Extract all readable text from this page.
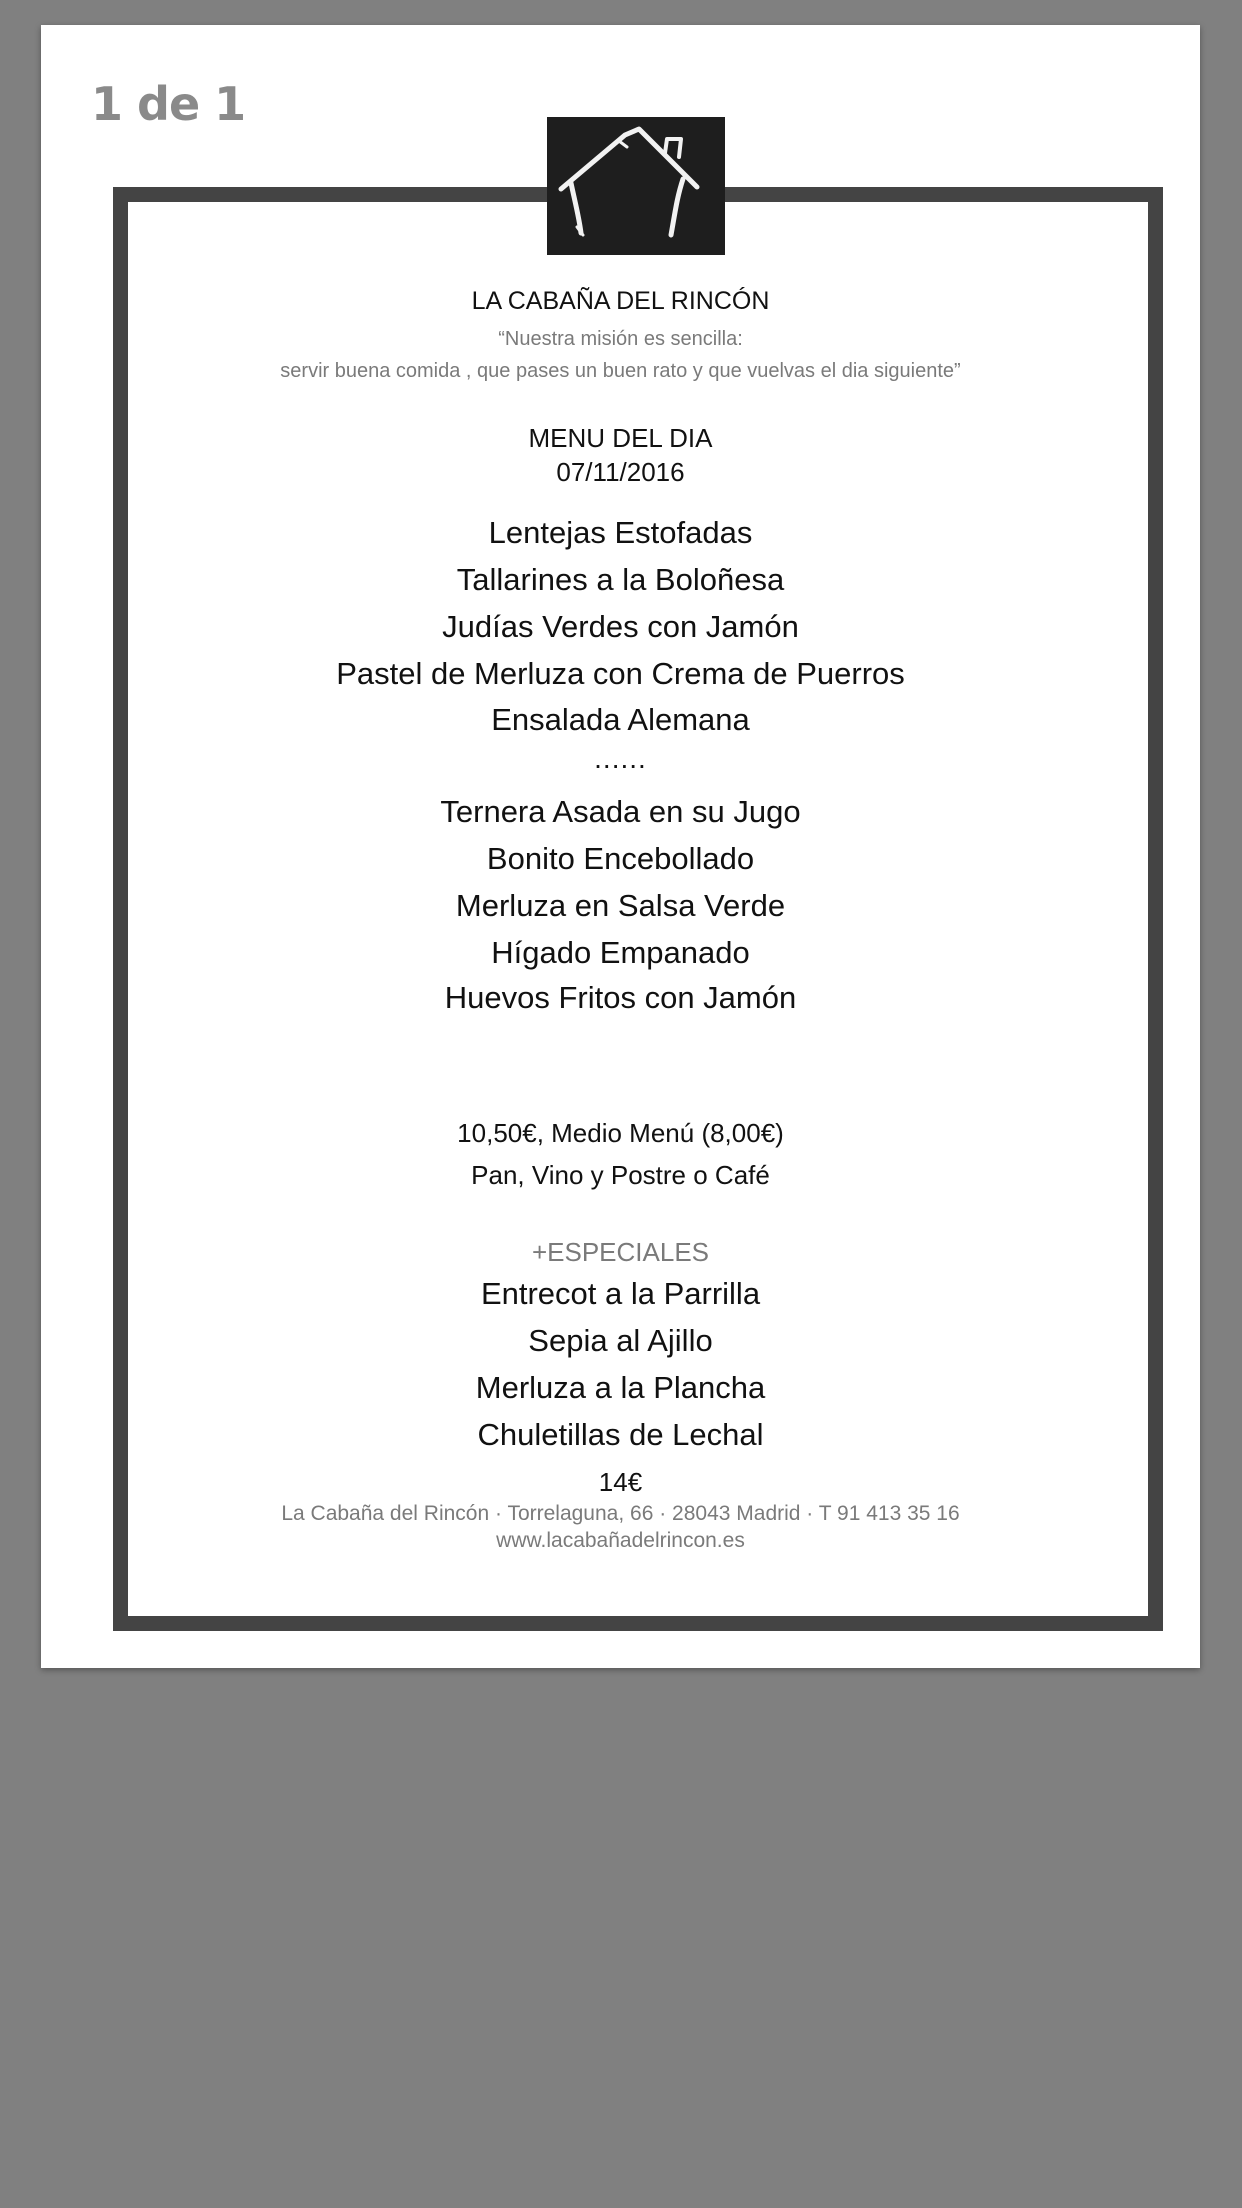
1 de 1
LA CABAÑA DEL RINCÓN
“Nuestra misión es sencilla:
servir buena comida , que pases un buen rato y que vuelvas el dia siguiente”
MENU DEL DIA
07/11/2016
Lentejas Estofadas
Tallarines a la Boloñesa
Judías Verdes con Jamón
Pastel de Merluza con Crema de Puerros
Ensalada Alemana
......
Ternera Asada en su Jugo
Bonito Encebollado
Merluza en Salsa Verde
Hígado Empanado
Huevos Fritos con Jamón
10,50€, Medio Menú (8,00€)
Pan, Vino y Postre o Café
+ESPECIALES
Entrecot a la Parrilla
Sepia al Ajillo
Merluza a la Plancha
Chuletillas de Lechal
14€
La Cabaña del Rincón · Torrelaguna, 66 · 28043 Madrid · T 91 413 35 16
www.lacabañadelrincon.es
